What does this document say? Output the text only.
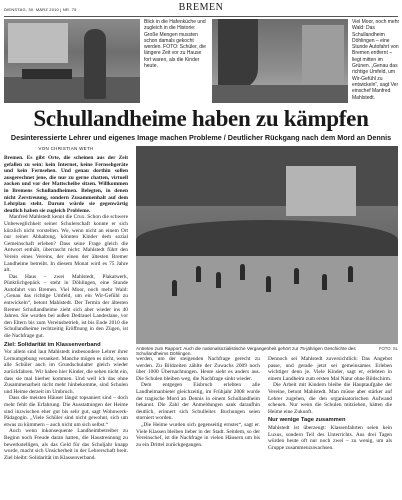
DIENSTAG, 30. MÄRZ 2010 | NR. 75	BREMEN
Blick in die Hafenküche und zugleich in die Historie: Große Mengen mussten schon damals gekocht werden. FOTO: Schüler, die längere Zeit vor zu Hause fort waren, als die Kinder heute.
Viel Moor, noch mehr Wald: Das Schullandheim Döhlingen – eine Stunde Autofahrt von Bremen entfernt – liegt mitten im Grünen. „Genau das richtige Umfeld, um Wir-Gefühl zu entwickeln“, sagt Ver einschef Manfred Mahlstedt.
Schullandheime haben zu kämpfen
Desinteressierte Lehrer und eigenes Image machen Probleme / Deutlicher Rückgang nach dem Mord an Dennis
VON CHRISTIAN WETH

Bremen. Es gibt Orte, die scheinen aus der Zeit gefallen zu sein: kein Internet, keine Fernsehgeräte und kein Fernsehen. Und genau dorthin sollen ausgerechnet jene, die nur zu gerne chatten, virtuell zocken und vor der Mattscheibe sitzen. Willkommen in Bremens Schullandheimen. Belegten, in denen nicht Zerstreuung, sondern Zusammenhalt auf dem Lehrplan steht. Darum würde sie gegenwärtig deutlich haben sie zugleich Probleme.

Manfred Mahlstedt kennt die Crux. Schon die schwere Unbeweglichkeit seiner Schulerschaft konnte er sich kürzlich nicht vorstellen. Wo, wenn nicht an einem Ort nur reiner Abhaltung, könnten Kinder dem sozial Gemeinschaft erleben? Dass seine Frage gleich die Antwort enthält, überrascht nicht: Mahlstedt führt den Verein eines Vereins, der einen der ältesten Bremer Landheime betreibt. In diesem Monat wird es 75 Jahre alt.

Das Haus – zwei Mahlstedt, Plakatwerk, Pünktlichgepäck – steht in Döhlingen, eine Stunde Autofahrt von Bremen. Viel Moor, noch mehr Wald: „Genau das richtige Umfeld, um ein Wir-Gefühl zu entwickeln“, betont Mahlstedt. Der Termin der ältesten Bremer Schullandheime zieht sich aber wieder ins 40 Jahren. Sie wurden bei außen Dedrauel Landeslane, vor den Eltern bis zum Vereinsbetrieb, ist bis Ende 2010 die Schullandheime rechtzeitig Eröffnung in den Zügen, ist die Nachfrage gut.

Ziel: Solidarität im Klassenverband

Vor allem sind laut Mahlstedt insbesondere Lehrer ihrer Lernumgebung verankert. Manche mögen es nicht, wenn alle Schüler auch im Grundschulalter gleich wieder zurückfahren. Wir haben hier Kinder, die sehen nicht ein, dass sie mal hierher kommen. Und weil ich das ohne Zusammenarbeit nicht mehr hinbekomme, sind Schulen und Heime derzeit im Umbruch.

Dass die meisten Häuser längst topsaniert sind – doch mehr fehlt die Erfahrung. Die Ausstattungen der Heime sind inzwischen eher gut bis sehr gut, sagt Wohnwerk-Pädagogin. „Viele Schüler sind nicht gewohnt, sich um etwas zu kümmern – auch nicht um sich selbst.“

Auch wenn inkonsequente Landheimbetreiber zu Beginn noch Freude daran hatten, die Haustrennung zu bewerkstelligen, als das Geld für das Schuljahr knapp wurde, macht sich Unsicherheit in der Lehrerschaft breit. Ziel bleibt: Solidarität im Klassenverband.

Antreten zum Rapport: Auch die nationalsozialistische Vergangenheit gehört zur 75-jährigen Geschichte des Schullandheims Döhlingen.
FOTO: SL

werden, um der steigenden Nachfrage gerecht zu werden. Zu Bildzeiten zählte der Zuwachs 2009 noch über 1000 Übernachtungen. Heute sieht es anders aus. Die Schulen bleiben weg, die Nachfrage sinkt wieder.

Dem entgegen Eisbruch erlebten alle Landheimanbieter gleichzeitig, im Frühjahr 2008 wurde der tragische Mord an Dennis in einem Schullandheim bekannt. Die Zahl der Anmeldungen sank daraufhin deutlich, erinnert sich Schulleiter. Buchungen seien storniert worden.

„Die Heime wurden sich gegenseitig ernster“, sagt er. Viele Klassen bleiben lieber in der Stadt. Seitdem, so der Vereinschef, ist die Nachfrage in vielen Häusern um bis zu ein Drittel zurückgegangen.

Dennoch sei Mahlstedt zuversichtlich: Das Angebot passe, und gerade jetzt sei gemeinsames Erleben wichtiger denn je. Viele Kinder, sagt er, erlebten in einem Landheim zum ersten Mal Natur ohne Bildschirm.

Die Arbeit mit Kindern bleibe die Hauptaufgabe der Vereine, betont Mahlstedt. Man müsse aber stärker auf Lehrer zugehen, die den organisatorischen Aufwand scheuen. Nur wenn die Schulen mitziehen, hätten die Heime eine Zukunft.

Nur wenige Tage zusammen

Mahlstedt ist überzeugt: Klassenfahrten seien kein Luxus, sondern Teil des Unterrichts. Aus drei Tagen würden heute oft nur noch zwei – zu wenig, um als Gruppe zusammenzuwachsen.
